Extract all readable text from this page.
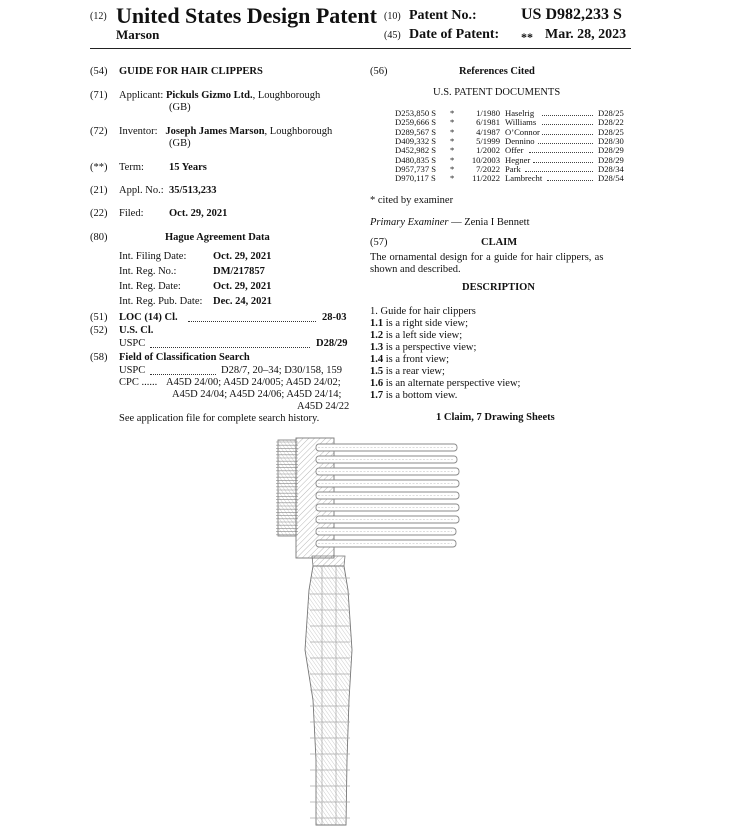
(12) United States Design Patent (10) Patent No.:	US D982,233 S
Marson	(45) Date of Patent: ** Mar. 28, 2023
(54) GUIDE FOR HAIR CLIPPERS
(71) Applicant: Pickuls Gizmo Ltd., Loughborough
(GB)
(72) Inventor: Joseph James Marson, Loughborough
(GB)
(**) Term: 15 Years
(21) Appl. No.: 35/513,233
(22) Filed: Oct. 29, 2021
(80)	Hague Agreement Data
Int. Filing Date:	Oct. 29, 2021
Int. Reg. No.:	DM/217857
Int. Reg. Date:	Oct. 29, 2021
Int. Reg. Pub. Date: Dec. 24, 2021
(51) LOC (14) Cl.	28-03
(52) U.S. Cl.
USPC	D28/29
(58) Field of Classification Search
USPC	D28/7, 20–34; D30/158, 159
CPC ...... A45D 24/00; A45D 24/005; A45D 24/02;
A45D 24/04; A45D 24/06; A45D 24/14;
A45D 24/22
See application file for complete search history.
(56)	References Cited
U.S. PATENT DOCUMENTS
D253,850 S *	1/1980 Haselrig	D28/25
D259,666 S *	6/1981 Williams	D28/22
D289,567 S *	4/1987 O’Connor	D28/25
D409,332 S *	5/1999 Dennino	D28/30
D452,982 S *	1/2002 Offer	D28/29
D480,835 S * 10/2003 Hegner	D28/29
D957,737 S *	7/2022 Park	D28/34
D970,117 S * 11/2022 Lambrecht	D28/54
* cited by examiner
Primary Examiner — Zenia I Bennett
(57)	CLAIM
The ornamental design for a guide for hair clippers, as
shown and described.
DESCRIPTION
1. Guide for hair clippers
1.1 is a right side view;
1.2 is a left side view;
1.3 is a perspective view;
1.4 is a front view;
1.5 is a rear view;
1.6 is an alternate perspective view;
1.7 is a bottom view.
1 Claim, 7 Drawing Sheets
